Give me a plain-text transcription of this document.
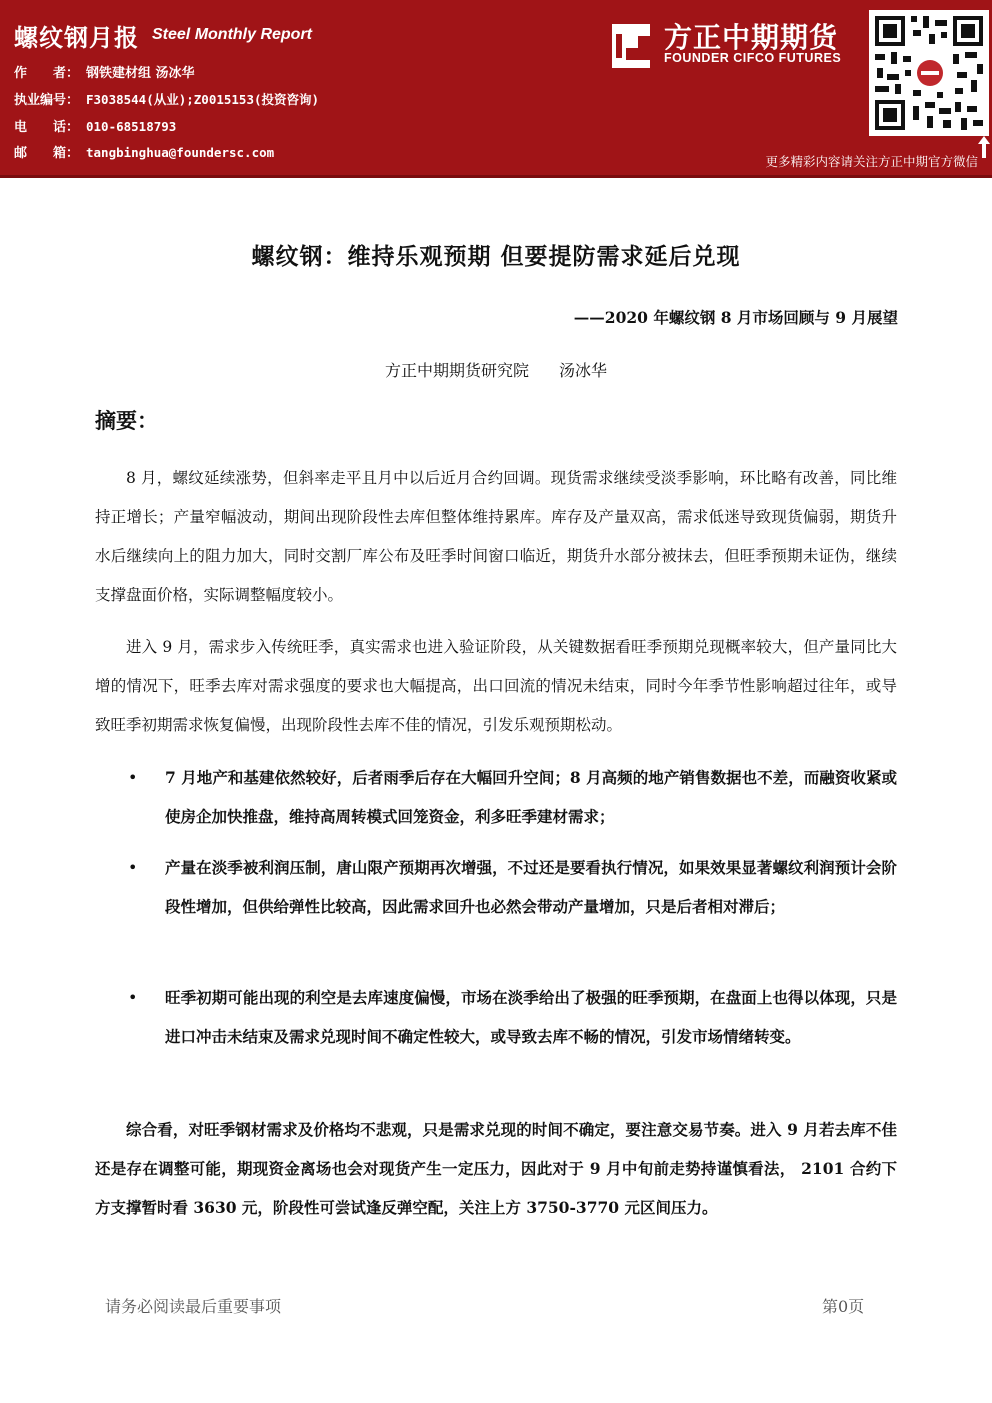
螺纹钢月报 Steel Monthly Report
作　　者： 钢铁建材组 汤冰华
执业编号： F3038544(从业);Z0015153(投资咨询)
电　　话： 010-68518793
邮　　箱： tangbinghua@foundersc.com
方正中期期货
FOUNDER CIFCO FUTURES
更多精彩内容请关注方正中期官方微信
螺纹钢：维持乐观预期 但要提防需求延后兑现
——2020 年螺纹钢 8 月市场回顾与 9 月展望
方正中期期货研究院 汤冰华
摘要：
8 月，螺纹延续涨势，但斜率走平且月中以后近月合约回调。现货需求继续受淡季影响，环比略有改善，同比维持正增长；产量窄幅波动，期间出现阶段性去库但整体维持累库。库存及产量双高，需求低迷导致现货偏弱，期货升水后继续向上的阻力加大，同时交割厂库公布及旺季时间窗口临近，期货升水部分被抹去，但旺季预期未证伪，继续支撑盘面价格，实际调整幅度较小。
进入 9 月，需求步入传统旺季，真实需求也进入验证阶段，从关键数据看旺季预期兑现概率较大，但产量同比大增的情况下，旺季去库对需求强度的要求也大幅提高，出口回流的情况未结束，同时今年季节性影响超过往年，或导致旺季初期需求恢复偏慢，出现阶段性去库不佳的情况，引发乐观预期松动。
• 7 月地产和基建依然较好，后者雨季后存在大幅回升空间；8 月高频的地产销售数据也不差，而融资收紧或使房企加快推盘，维持高周转模式回笼资金，利多旺季建材需求；
• 产量在淡季被利润压制，唐山限产预期再次增强，不过还是要看执行情况，如果效果显著螺纹利润预计会阶段性增加，但供给弹性比较高，因此需求回升也必然会带动产量增加，只是后者相对滞后；
• 旺季初期可能出现的利空是去库速度偏慢，市场在淡季给出了极强的旺季预期，在盘面上也得以体现，只是进口冲击未结束及需求兑现时间不确定性较大，或导致去库不畅的情况，引发市场情绪转变。
综合看，对旺季钢材需求及价格均不悲观，只是需求兑现的时间不确定，要注意交易节奏。进入 9 月若去库不佳还是存在调整可能，期现资金离场也会对现货产生一定压力，因此对于 9 月中旬前走势持谨慎看法， 2101 合约下方支撑暂时看 3630 元，阶段性可尝试逢反弹空配，关注上方 3750-3770 元区间压力。
请务必阅读最后重要事项	第0页
